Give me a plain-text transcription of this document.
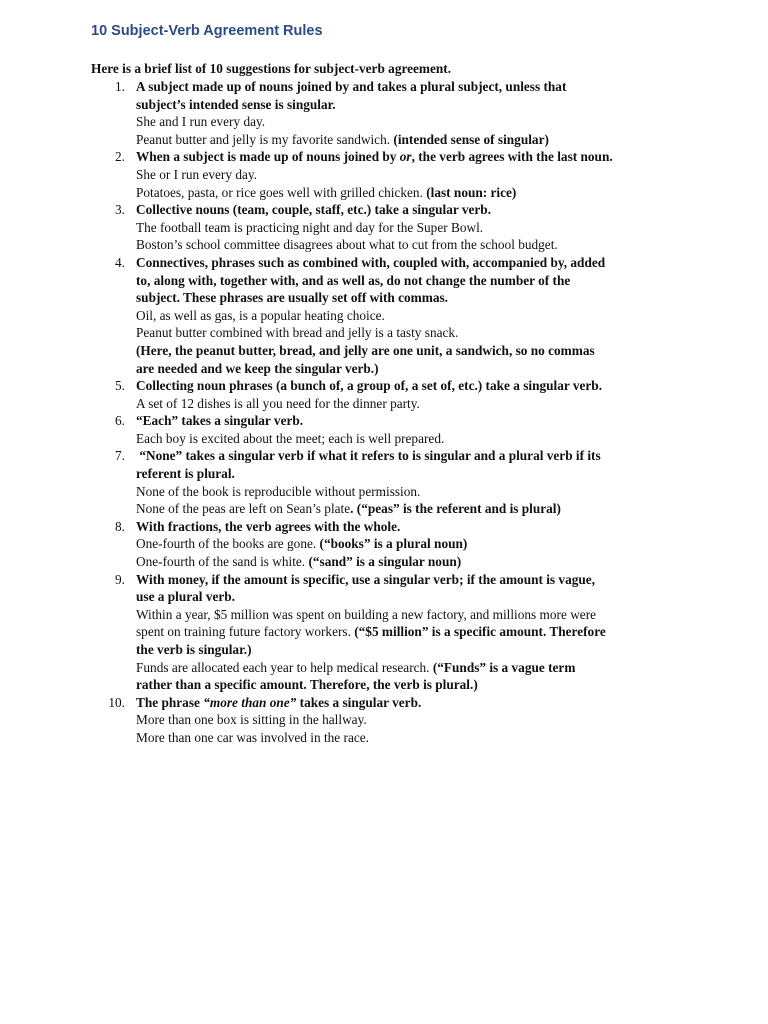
10 Subject-Verb Agreement Rules
Here is a brief list of 10 suggestions for subject-verb agreement.
1. A subject made up of nouns joined by and takes a plural subject, unless that
subject’s intended sense is singular.
She and I run every day.
Peanut butter and jelly is my favorite sandwich. (intended sense of singular)
2. When a subject is made up of nouns joined by or, the verb agrees with the last noun.
She or I run every day.
Potatoes, pasta, or rice goes well with grilled chicken. (last noun: rice)
3. Collective nouns (team, couple, staff, etc.) take a singular verb.
The football team is practicing night and day for the Super Bowl.
Boston’s school committee disagrees about what to cut from the school budget.
4. Connectives, phrases such as combined with, coupled with, accompanied by, added
to, along with, together with, and as well as, do not change the number of the
subject. These phrases are usually set off with commas.
Oil, as well as gas, is a popular heating choice.
Peanut butter combined with bread and jelly is a tasty snack.
(Here, the peanut butter, bread, and jelly are one unit, a sandwich, so no commas
are needed and we keep the singular verb.)
5. Collecting noun phrases (a bunch of, a group of, a set of, etc.) take a singular verb.
A set of 12 dishes is all you need for the dinner party.
6. “Each” takes a singular verb.
Each boy is excited about the meet; each is well prepared.
7. “None” takes a singular verb if what it refers to is singular and a plural verb if its
referent is plural.
None of the book is reproducible without permission.
None of the peas are left on Sean’s plate. (“peas” is the referent and is plural)
8. With fractions, the verb agrees with the whole.
One-fourth of the books are gone. (“books” is a plural noun)
One-fourth of the sand is white. (“sand” is a singular noun)
9. With money, if the amount is specific, use a singular verb; if the amount is vague,
use a plural verb.
Within a year, $5 million was spent on building a new factory, and millions more were
spent on training future factory workers. (“$5 million” is a specific amount. Therefore
the verb is singular.)
Funds are allocated each year to help medical research. (“Funds” is a vague term
rather than a specific amount. Therefore, the verb is plural.)
10. The phrase “more than one” takes a singular verb.
More than one box is sitting in the hallway.
More than one car was involved in the race.
